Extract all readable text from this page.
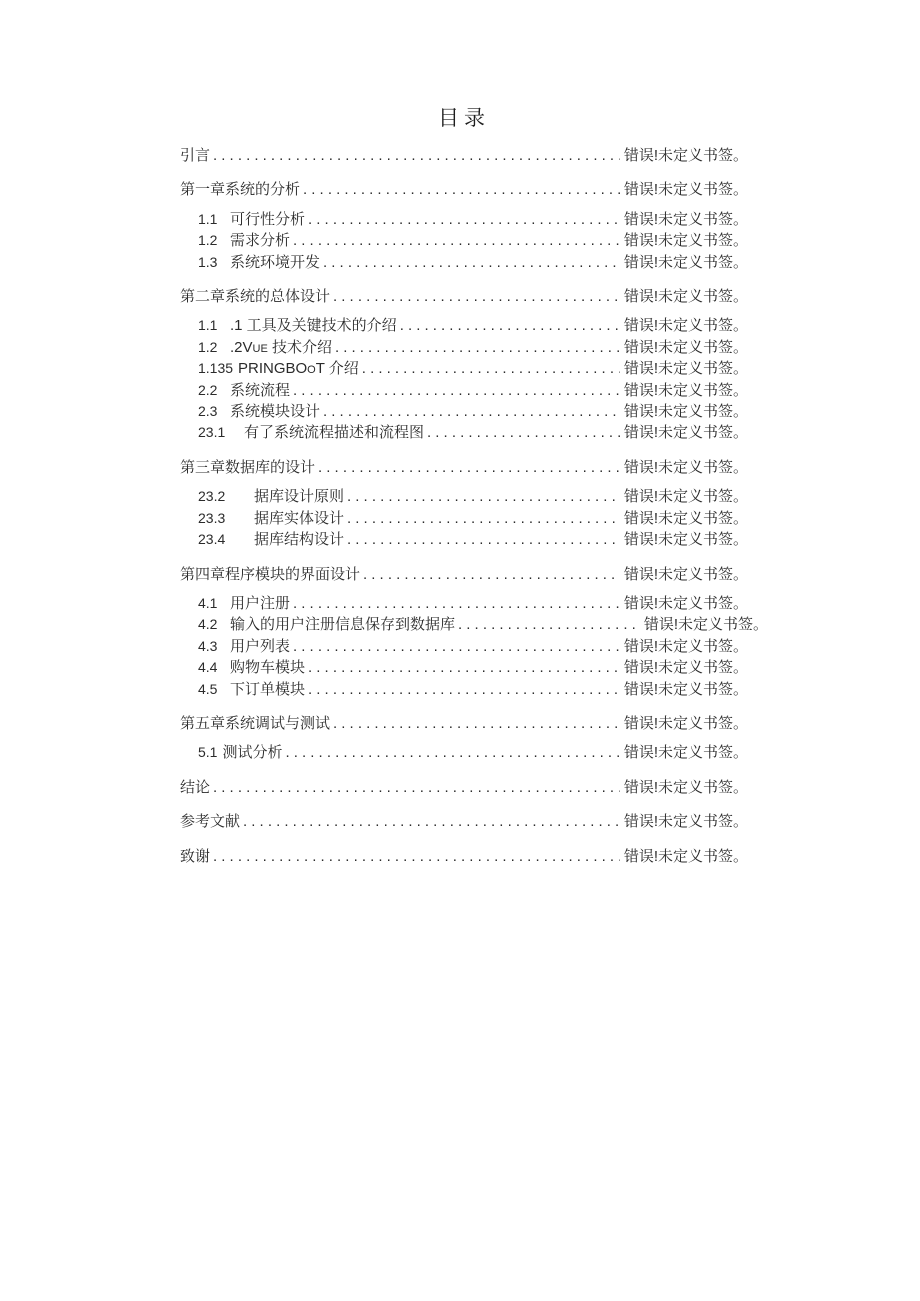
目录
引言 .....	错误!未定义书签。
第一章系统的分析 .....	错误!未定义书签。
1.1 可行性分析 .....	错误!未定义书签。
1.2 需求分析 .....	错误!未定义书签。
1.3 系统环境开发 .....	错误!未定义书签。
第二章系统的总体设计 .....	错误!未定义书签。
1.1 .1 工具及关键技术的介绍 .....	错误!未定义书签。
1.2 .2Vue 技术介绍 .....	错误!未定义书签。
1.135 PRINGBOoT 介绍 .....	错误!未定义书签。
2.2 系统流程 .....	错误!未定义书签。
2.3 系统模块设计 .....	错误!未定义书签。
23.1	有了系统流程描述和流程图 .....	错误!未定义书签。
第三章数据库的设计 .....	错误!未定义书签。
23.2	据库设计原则 .....	错误!未定义书签。
23.3	据库实体设计 .....	错误!未定义书签。
23.4	据库结构设计 .....	错误!未定义书签。
第四章程序模块的界面设计 .....	错误!未定义书签。
4.1 用户注册 .....	错误!未定义书签。
4.2 输入的用户注册信息保存到数据库 .....	错误!未定义书签。
4.3 用户列表 .....	错误!未定义书签。
4.4 购物车模块 .....	错误!未定义书签。
4.5 下订单模块 .....	错误!未定义书签。
第五章系统调试与测试 .....	错误!未定义书签。
5.1 测试分析 .....	错误!未定义书签。
结论 .....	错误!未定义书签。
参考文献 .....	错误!未定义书签。
致谢 .....	错误!未定义书签。
